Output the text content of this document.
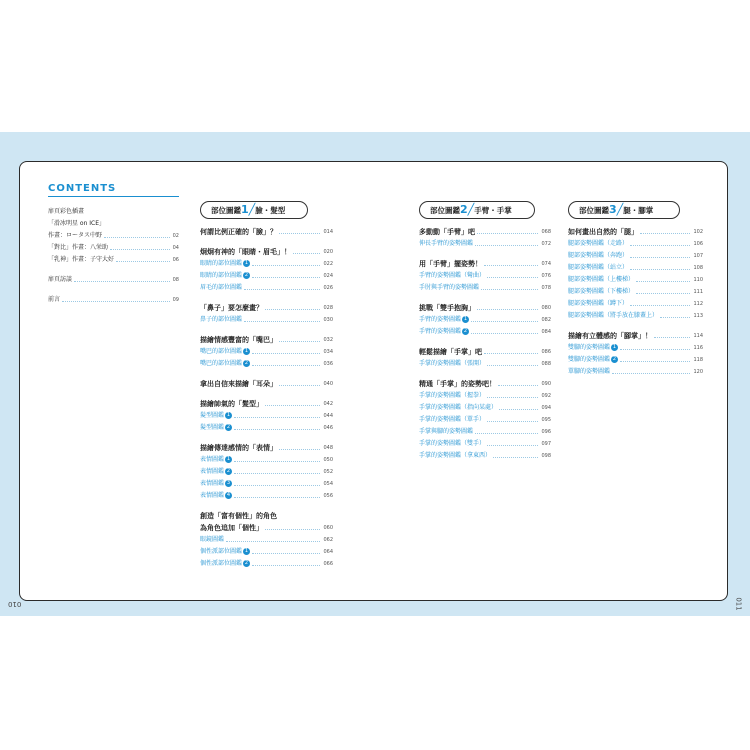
010	011
CONTENTS
扉頁彩色插畫
「滑冰明星 on ICE」
作畫：ロータス中野	02
「對比」作畫：八栄助	04
「乳神」作畫：子守大好	06
扉頁訪談	08
前言	09
部位圖鑑1╱臉・髮型
何謂比例正確的「臉」？	014
炯炯有神的「眼睛・眉毛」！	020
眼睛的部位圖鑑 1	022
眼睛的部位圖鑑 2	024
眉毛的部位圖鑑	026
「鼻子」要怎麼畫？	028
鼻子的部位圖鑑	030
描繪情感豐富的「嘴巴」	032
嘴巴的部位圖鑑 1	034
嘴巴的部位圖鑑 2	036
拿出自信來描繪「耳朵」	040
描繪帥氣的「髮型」	042
髮型圖鑑 1	044
髮型圖鑑 2	046
描繪傳達感情的「表情」	048
表情圖鑑 1	050
表情圖鑑 2	052
表情圖鑑 3	054
表情圖鑑 4	056
創造「富有個性」的角色
為角色追加「個性」	060
眼鏡圖鑑	062
個性派部位圖鑑 1	064
個性派部位圖鑑 2	066
部位圖鑑2╱手臂・手掌
多動動「手臂」吧	068
伸長手臂的姿勢圖鑑	072
用「手臂」擺姿勢！	074
手臂的姿勢圖鑑（彎曲）	076
手肘與手臂的姿勢圖鑑	078
挑戰「雙手抱胸」	080
手臂的姿勢圖鑑 1	082
手臂的姿勢圖鑑 2	084
輕鬆描繪「手掌」吧	086
手掌的姿勢圖鑑（張開）	088
精通「手掌」的姿勢吧！	090
手掌的姿勢圖鑑（握拳）	092
手掌的姿勢圖鑑（指向某處）	094
手掌的姿勢圖鑑（單手）	095
手掌與腳的姿勢圖鑑	096
手掌的姿勢圖鑑（雙手）	097
手掌的姿勢圖鑑（拿東西）	098
部位圖鑑3╱腿・腳掌
如何畫出自然的「腿」	102
腿部姿勢圖鑑（走路）	106
腿部姿勢圖鑑（奔跑）	107
腿部姿勢圖鑑（站立）	108
腿部姿勢圖鑑（上樓梯）	110
腿部姿勢圖鑑（下樓梯）	111
腿部姿勢圖鑑（蹲下）	112
腿部姿勢圖鑑（將手放在膝蓋上）	113
描繪有立體感的「腳掌」！	114
雙腳的姿勢圖鑑 1	116
雙腳的姿勢圖鑑 2	118
單腳的姿勢圖鑑	120
